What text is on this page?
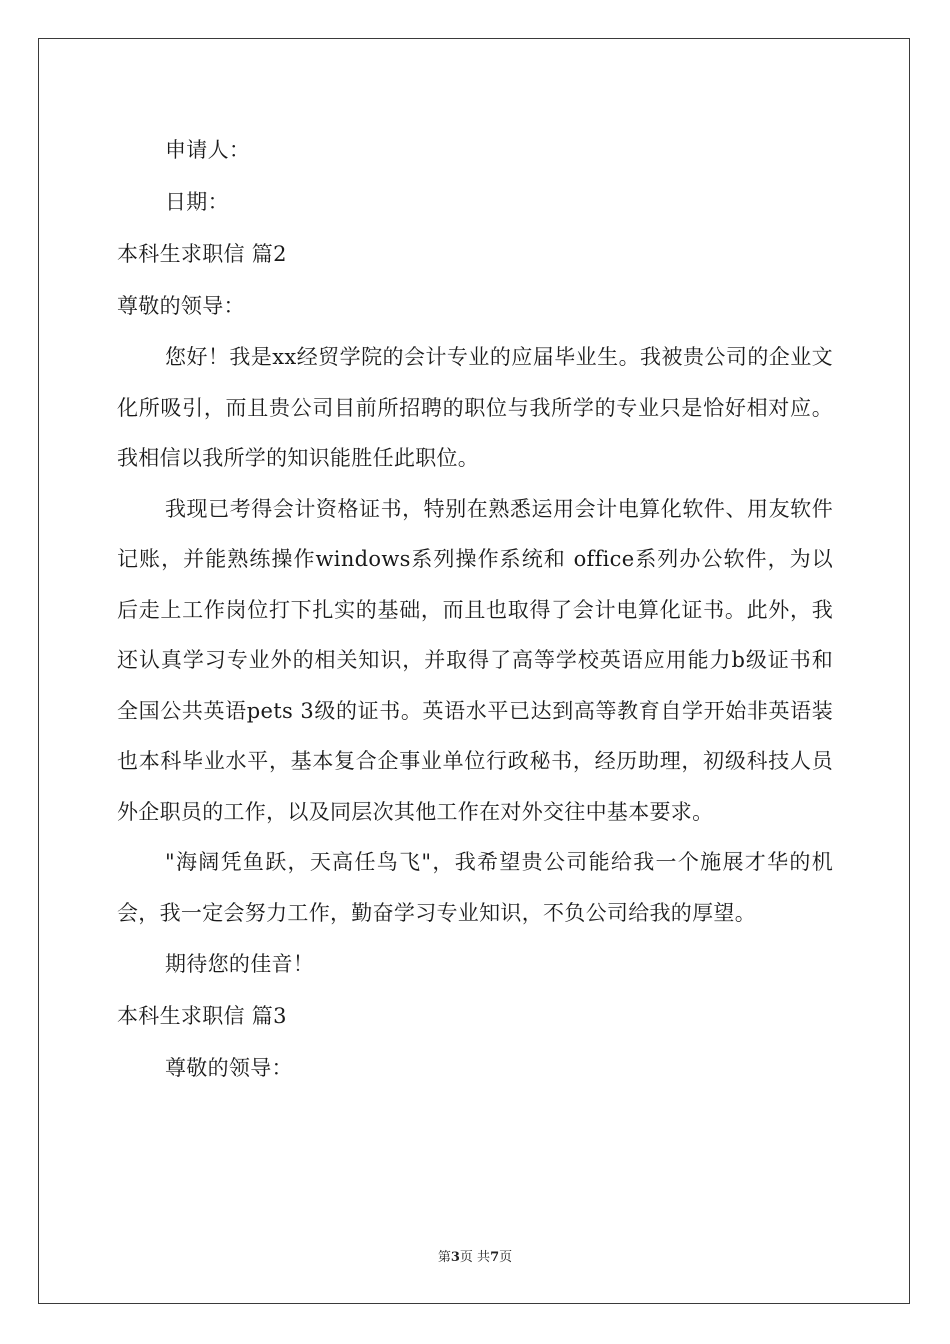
申请人：
日期：
本科生求职信 篇2
尊敬的领导：

您好！我是xx经贸学院的会计专业的应届毕业生。我被贵公司的企业文化所吸引，而且贵公司目前所招聘的职位与我所学的专业只是恰好相对应。我相信以我所学的知识能胜任此职位。

我现已考得会计资格证书，特别在熟悉运用会计电算化软件、用友软件记账，并能熟练操作windows系列操作系统和 office系列办公软件，为以后走上工作岗位打下扎实的基础，而且也取得了会计电算化证书。此外，我还认真学习专业外的相关知识，并取得了高等学校英语应用能力b级证书和全国公共英语pets 3级的证书。英语水平已达到高等教育自学开始非英语装也本科毕业水平，基本复合企事业单位行政秘书，经历助理，初级科技人员外企职员的工作，以及同层次其他工作在对外交往中基本要求。

"海阔凭鱼跃，天高任鸟飞"，我希望贵公司能给我一个施展才华的机会，我一定会努力工作，勤奋学习专业知识，不负公司给我的厚望。

期待您的佳音！
本科生求职信 篇3
尊敬的领导：
第3页 共7页
